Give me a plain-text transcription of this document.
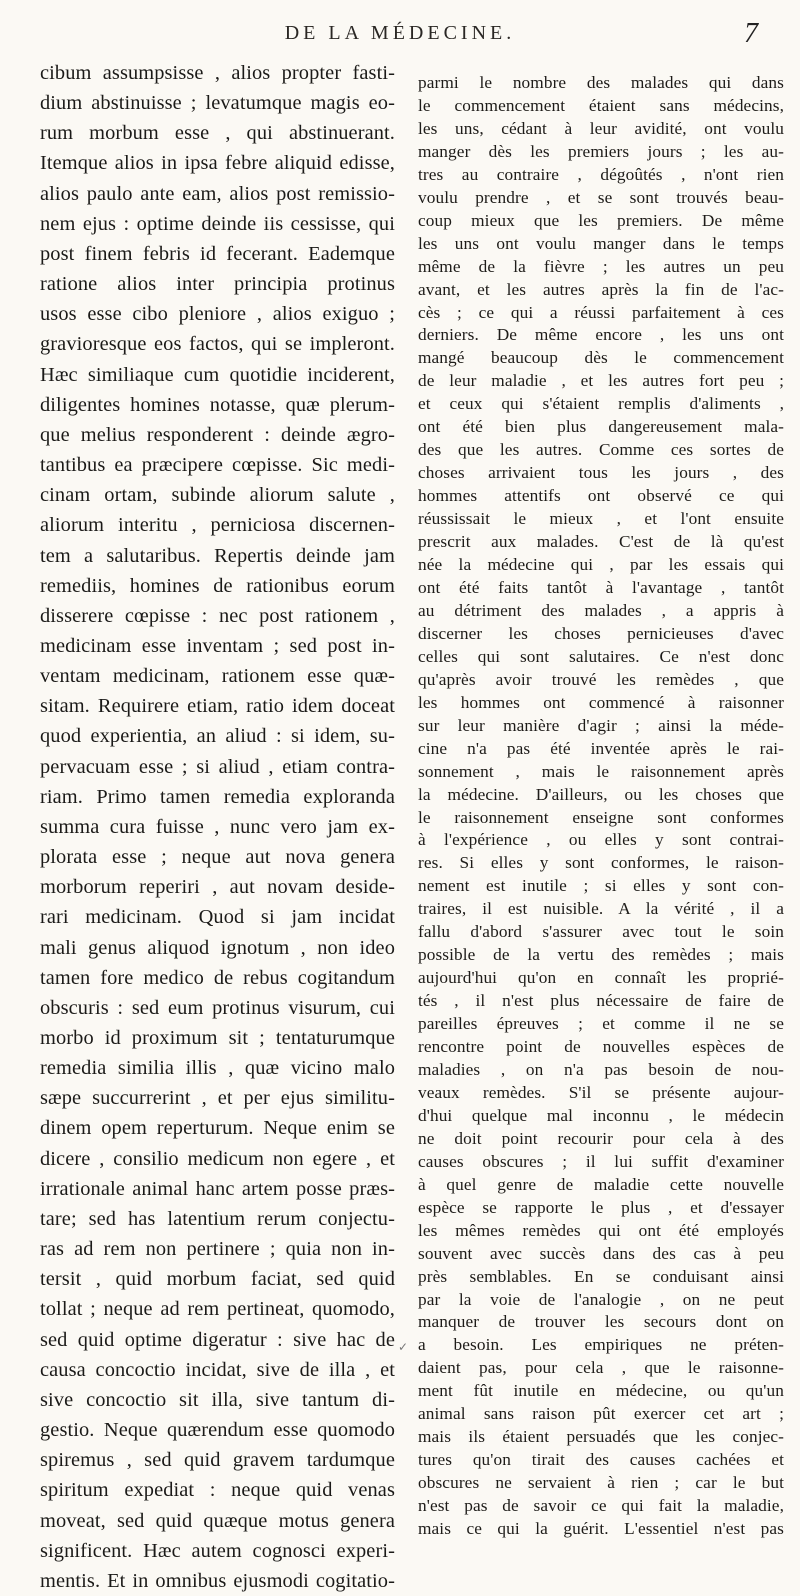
DE LA MÉDECINE.	7
cibum assumpsisse , alios propter fasti-
dium abstinuisse ; levatumque magis eo-
rum morbum esse , qui abstinuerant.
Itemque alios in ipsa febre aliquid edisse,
alios paulo ante eam, alios post remissio-
nem ejus : optime deinde iis cessisse, qui
post finem febris id fecerant. Eademque
ratione alios inter principia protinus
usos esse cibo pleniore , alios exiguo ;
gravioresque eos factos, qui se impleront.
Hæc similiaque cum quotidie inciderent,
diligentes homines notasse, quæ plerum-
que melius responderent : deinde ægro-
tantibus ea præcipere cœpisse. Sic medi-
cinam ortam, subinde aliorum salute ,
aliorum interitu , perniciosa discernen-
tem a salutaribus. Repertis deinde jam
remediis, homines de rationibus eorum
disserere cœpisse : nec post rationem ,
medicinam esse inventam ; sed post in-
ventam medicinam, rationem esse quæ-
sitam. Requirere etiam, ratio idem doceat
quod experientia, an aliud : si idem, su-
pervacuam esse ; si aliud , etiam contra-
riam. Primo tamen remedia exploranda
summa cura fuisse , nunc vero jam ex-
plorata esse ; neque aut nova genera
morborum reperiri , aut novam deside-
rari medicinam. Quod si jam incidat
mali genus aliquod ignotum , non ideo
tamen fore medico de rebus cogitandum
obscuris : sed eum protinus visurum, cui
morbo id proximum sit ; tentaturumque
remedia similia illis , quæ vicino malo
sæpe succurrerint , et per ejus similitu-
dinem opem reperturum. Neque enim se
dicere , consilio medicum non egere , et
irrationale animal hanc artem posse præs-
tare; sed has latentium rerum conjectu-
ras ad rem non pertinere ; quia non in-
tersit , quid morbum faciat, sed quid
tollat ; neque ad rem pertineat, quomodo,
sed quid optime digeratur : sive hac de
causa concoctio incidat, sive de illa , et
sive concoctio sit illa, sive tantum di-
gestio. Neque quærendum esse quomodo
spiremus , sed quid gravem tardumque
spiritum expediat : neque quid venas
moveat, sed quid quæque motus genera
significent. Hæc autem cognosci experi-
mentis. Et in omnibus ejusmodi cogitatio-
parmi le nombre des malades qui dans
le commencement étaient sans médecins,
les uns, cédant à leur avidité, ont voulu
manger dès les premiers jours ; les au-
tres au contraire , dégoûtés , n'ont rien
voulu prendre , et se sont trouvés beau-
coup mieux que les premiers. De même
les uns ont voulu manger dans le temps
même de la fièvre ; les autres un peu
avant, et les autres après la fin de l'ac-
cès ; ce qui a réussi parfaitement à ces
derniers. De même encore , les uns ont
mangé beaucoup dès le commencement
de leur maladie , et les autres fort peu ;
et ceux qui s'étaient remplis d'aliments ,
ont été bien plus dangereusement mala-
des que les autres. Comme ces sortes de
choses arrivaient tous les jours , des
hommes attentifs ont observé ce qui
réussissait le mieux , et l'ont ensuite
prescrit aux malades. C'est de là qu'est
née la médecine qui , par les essais qui
ont été faits tantôt à l'avantage , tantôt
au détriment des malades , a appris à
discerner les choses pernicieuses d'avec
celles qui sont salutaires. Ce n'est donc
qu'après avoir trouvé les remèdes , que
les hommes ont commencé à raisonner
sur leur manière d'agir ; ainsi la méde-
cine n'a pas été inventée après le rai-
sonnement , mais le raisonnement après
la médecine. D'ailleurs, ou les choses que
le raisonnement enseigne sont conformes
à l'expérience , ou elles y sont contrai-
res. Si elles y sont conformes, le raison-
nement est inutile ; si elles y sont con-
traires, il est nuisible. A la vérité , il a
fallu d'abord s'assurer avec tout le soin
possible de la vertu des remèdes ; mais
aujourd'hui qu'on en connaît les proprié-
tés , il n'est plus nécessaire de faire de
pareilles épreuves ; et comme il ne se
rencontre point de nouvelles espèces de
maladies , on n'a pas besoin de nou-
veaux remèdes. S'il se présente aujour-
d'hui quelque mal inconnu , le médecin
ne doit point recourir pour cela à des
causes obscures ; il lui suffit d'examiner
à quel genre de maladie cette nouvelle
espèce se rapporte le plus , et d'essayer
les mêmes remèdes qui ont été employés
souvent avec succès dans des cas à peu
près semblables. En se conduisant ainsi
par la voie de l'analogie , on ne peut
manquer de trouver les secours dont on
a besoin. Les empiriques ne préten-
daient pas, pour cela , que le raisonne-
ment fût inutile en médecine, ou qu'un
animal sans raison pût exercer cet art ;
mais ils étaient persuadés que les conjec-
tures qu'on tirait des causes cachées et
obscures ne servaient à rien ; car le but
n'est pas de savoir ce qui fait la maladie,
mais ce qui la guérit. L'essentiel n'est pas
✓
